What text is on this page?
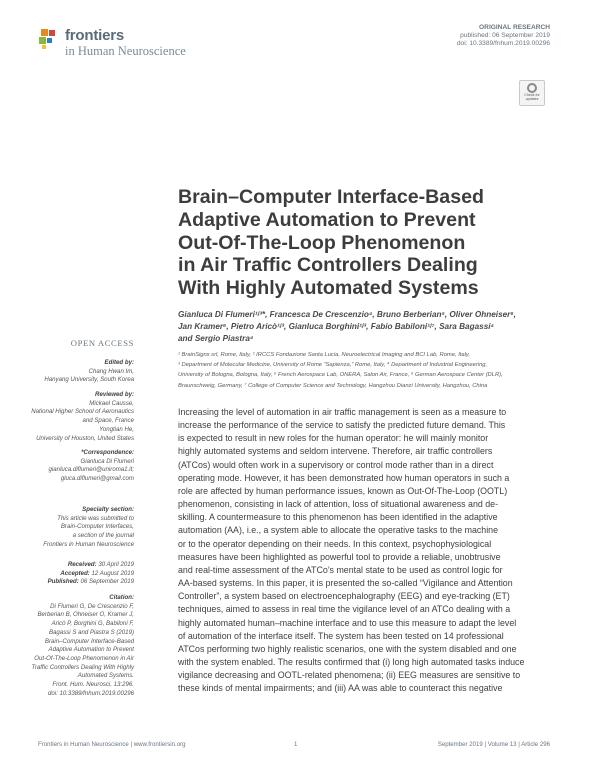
frontiers
in Human Neuroscience
ORIGINAL RESEARCH
published: 06 September 2019
doi: 10.3389/fnhum.2019.00296
Check for
updates
Brain–Computer Interface-Based
Adaptive Automation to Prevent
Out-Of-The-Loop Phenomenon
in Air Traffic Controllers Dealing
With Highly Automated Systems
Gianluca Di Flumeri¹ʲ³*, Francesca De Crescenzio⁴, Bruno Berberian⁵, Oliver Ohneiser⁶,
Jan Kramer⁶, Pietro Aricò¹ʲ³, Gianluca Borghini¹ʲ³, Fabio Babiloni¹ʲ⁷, Sara Bagassi⁴
and Sergio Piastra⁴
¹ BrainSigns srl, Rome, Italy, ² IRCCS Fondazione Santa Lucia, Neuroelectrical Imaging and BCI Lab, Rome, Italy,
³ Department of Molecular Medicine, University of Rome “Sapienza,” Rome, Italy, ⁴ Department of Industrial Engineering,
University of Bologna, Bologna, Italy, ⁵ French Aerospace Lab, ONERA, Salon Air, France, ⁶ German Aerospace Center (DLR),
Braunschweig, Germany, ⁷ College of Computer Science and Technology, Hangzhou Dianzi University, Hangzhou, China
OPEN ACCESS
Edited by:
Chang Hwan Im,
Hanyang University, South Korea
Reviewed by:
Mickael Causse,
National Higher School of Aeronautics
and Space, France
Yongtian He,
University of Houston, United States
*Correspondence:
Gianluca Di Flumeri
gianluca.diflumeri@uniroma1.it;
gluca.diflumeri@gmail.com
Specialty section:
This article was submitted to
Brain-Computer Interfaces,
a section of the journal
Frontiers in Human Neuroscience
Received: 30 April 2019
Accepted: 12 August 2019
Published: 06 September 2019
Citation:
Di Flumeri G, De Crescenzio F,
Berberian B, Ohneiser O, Kramer J,
Aricò P, Borghini G, Babiloni F,
Bagassi S and Piastra S (2019)
Brain–Computer Interface-Based
Adaptive Automation to Prevent
Out-Of-The-Loop Phenomenon in Air
Traffic Controllers Dealing With Highly
Automated Systems.
Front. Hum. Neurosci. 13:296.
doi: 10.3389/fnhum.2019.00296
Increasing the level of automation in air traffic management is seen as a measure to
increase the performance of the service to satisfy the predicted future demand. This
is expected to result in new roles for the human operator: he will mainly monitor
highly automated systems and seldom intervene. Therefore, air traffic controllers
(ATCos) would often work in a supervisory or control mode rather than in a direct
operating mode. However, it has been demonstrated how human operators in such a
role are affected by human performance issues, known as Out-Of-The-Loop (OOTL)
phenomenon, consisting in lack of attention, loss of situational awareness and de-
skilling. A countermeasure to this phenomenon has been identified in the adaptive
automation (AA), i.e., a system able to allocate the operative tasks to the machine
or to the operator depending on their needs. In this context, psychophysiological
measures have been highlighted as powerful tool to provide a reliable, unobtrusive
and real-time assessment of the ATCo’s mental state to be used as control logic for
AA-based systems. In this paper, it is presented the so-called “Vigilance and Attention
Controller”, a system based on electroencephalography (EEG) and eye-tracking (ET)
techniques, aimed to assess in real time the vigilance level of an ATCo dealing with a
highly automated human–machine interface and to use this measure to adapt the level
of automation of the interface itself. The system has been tested on 14 professional
ATCos performing two highly realistic scenarios, one with the system disabled and one
with the system enabled. The results confirmed that (i) long high automated tasks induce
vigilance decreasing and OOTL-related phenomena; (ii) EEG measures are sensitive to
these kinds of mental impairments; and (iii) AA was able to counteract this negative
Frontiers in Human Neuroscience | www.frontiersin.org	1	September 2019 | Volume 13 | Article 296
